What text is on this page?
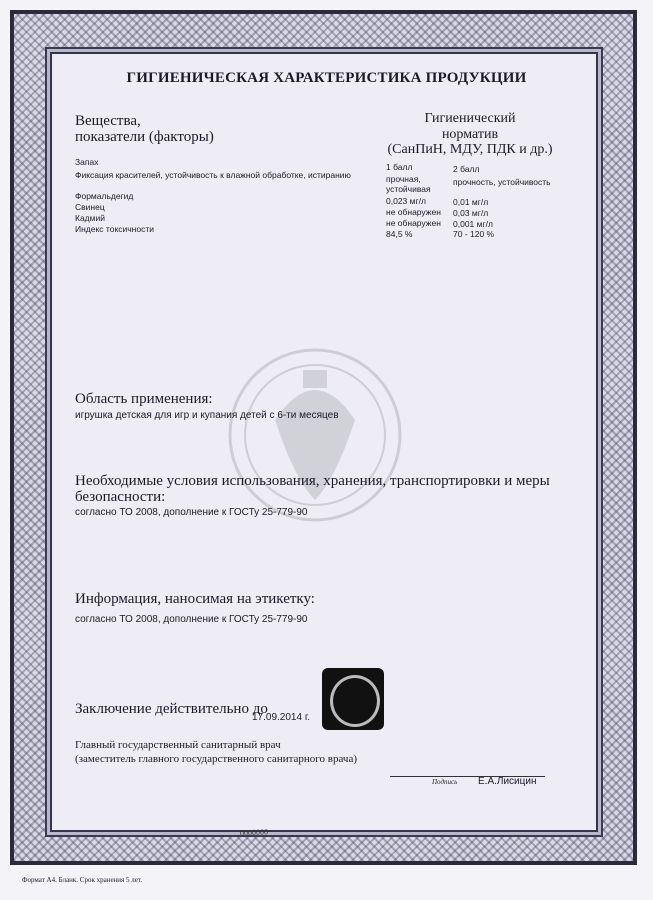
ГИГИЕНИЧЕСКАЯ ХАРАКТЕРИСТИКА ПРОДУКЦИИ
Вещества,
показатели (факторы)
Гигиенический
норматив
(СанПиН, МДУ, ПДК и др.)
Запах
Фиксация красителей, устойчивость к влажной обработке, истиранию
Формальдегид
Свинец
Кадмий
Индекс токсичности
1 балл
прочная,
устойчивая
0,023 мг/л
не обнаружен
не обнаружен
84,5 %
2 балл
прочность, устойчивость
0,01 мг/л
0,03 мг/л
0,001 мг/л
70 - 120 %
Область применения:
игрушка детская для игр и купания детей с 6-ти месяцев
Необходимые условия использования, хранения, транспортировки и меры
безопасности:
согласно ТО 2008, дополнение к ГОСТу 25-779-90
Информация, наносимая на этикетку:
согласно ТО 2008, дополнение к ГОСТу 25-779-90
Заключение действительно до
17.09.2014 г.
Главный государственный санитарный врач
(заместитель главного государственного санитарного врача)
Подпись Е.А.Лисицин
0000000
Формат А4. Бланк. Срок хранения 5 лет.
